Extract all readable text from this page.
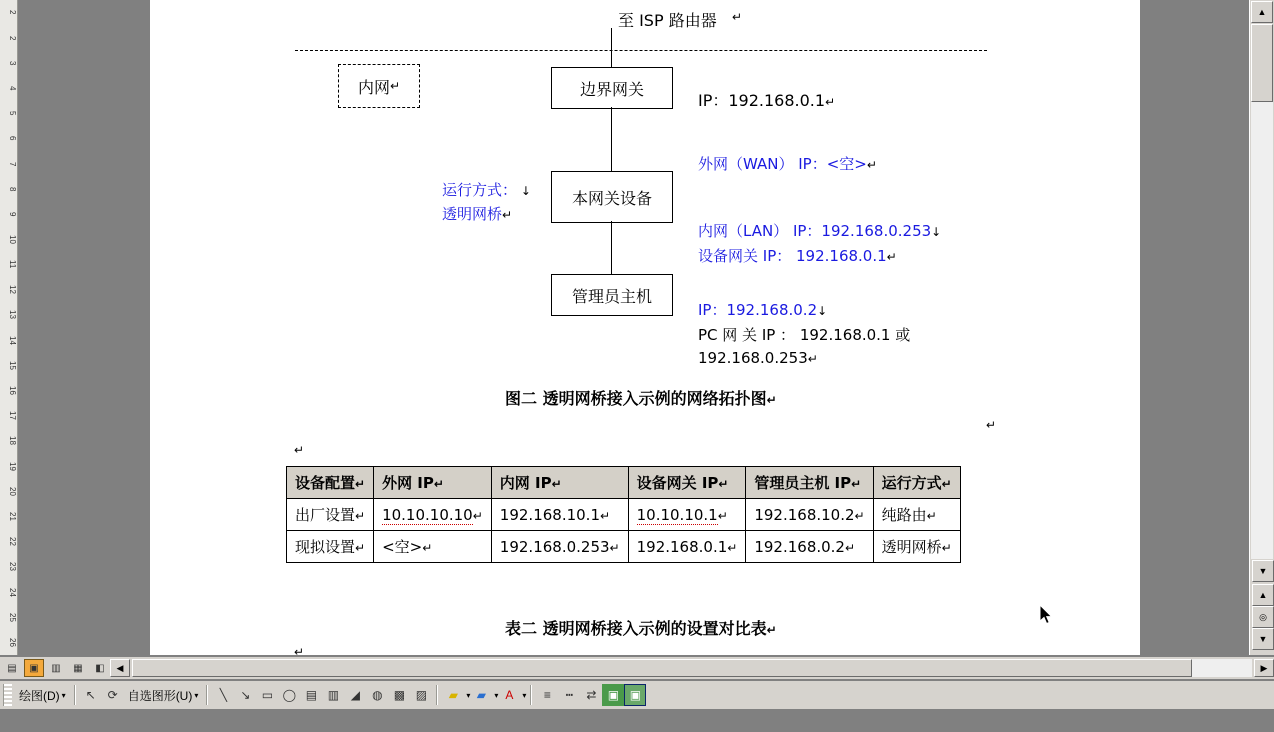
2
2
3
4
5
6
7
8
9
10
11
12
13
14
15
16
17
18
19
20
21
22
23
24
25
26
至 ISP 路由器 ↵
内网 ↵	边界网关
IP：192.168.0.1↵
外网（WAN） IP：<空>↵
运行方式： ↓
透明网桥↵
本网关设备
内网（LAN） IP：192.168.0.253↓
设备网关 IP： 192.168.0.1↵
管理员主机
IP：192.168.0.2↓
PC 网 关 IP ： 192.168.0.1 或
192.168.0.253↵
图二 透明网桥接入示例的网络拓扑图↵
↵
↵
设备配置↵	外网 IP↵	内网 IP↵	设备网关 IP↵	管理员主机 IP↵	运行方式↵
出厂设置↵	10.10.10.10↵	192.168.10.1↵	10.10.10.1↵	192.168.10.2↵	纯路由↵
现拟设置↵	<空>↵	192.168.0.253↵	192.168.0.1↵	192.168.0.2↵	透明网桥↵
表二 透明网桥接入示例的设置对比表↵
↵
▲
▼
▲
◎
▼
▤	▣	▥	▦	◧	◀	▶
绘图(D) ▾	↖ ⟳ 自选图形(U) ▾	╲	↘ ▭ ◯ ▤ ▥ ◢	◍ ▩ ▨	▰	▾ ▰	▾ A	▾	≡	┅	⇄ ▣ ▣
